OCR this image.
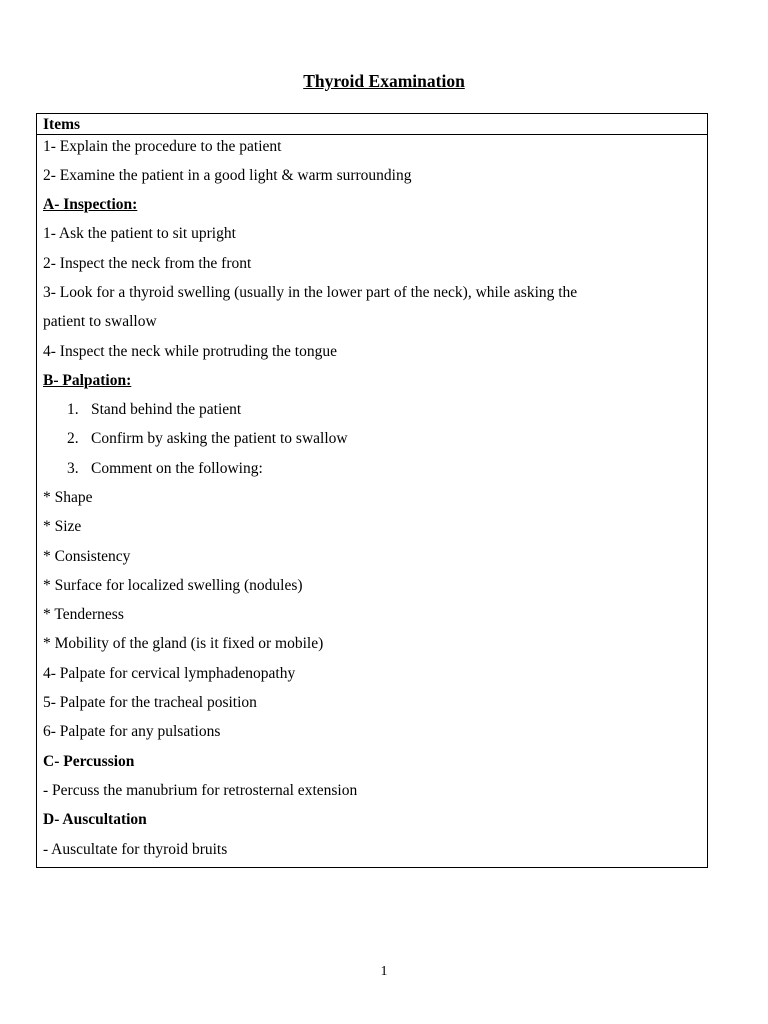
Thyroid Examination
Items
1- Explain the procedure to the patient
2- Examine the patient in a good light & warm surrounding
A- Inspection:
1- Ask the patient to sit upright
2- Inspect the neck from the front
3- Look for a thyroid swelling (usually in the lower part of the neck), while asking the
patient to swallow
4- Inspect the neck while protruding the tongue
B- Palpation:
1. Stand behind the patient
2. Confirm by asking the patient to swallow
3. Comment on the following:
* Shape
* Size
* Consistency
* Surface for localized swelling (nodules)
* Tenderness
* Mobility of the gland (is it fixed or mobile)
4- Palpate for cervical lymphadenopathy
5- Palpate for the tracheal position
6- Palpate for any pulsations
C- Percussion
- Percuss the manubrium for retrosternal extension
D- Auscultation
- Auscultate for thyroid bruits
1
